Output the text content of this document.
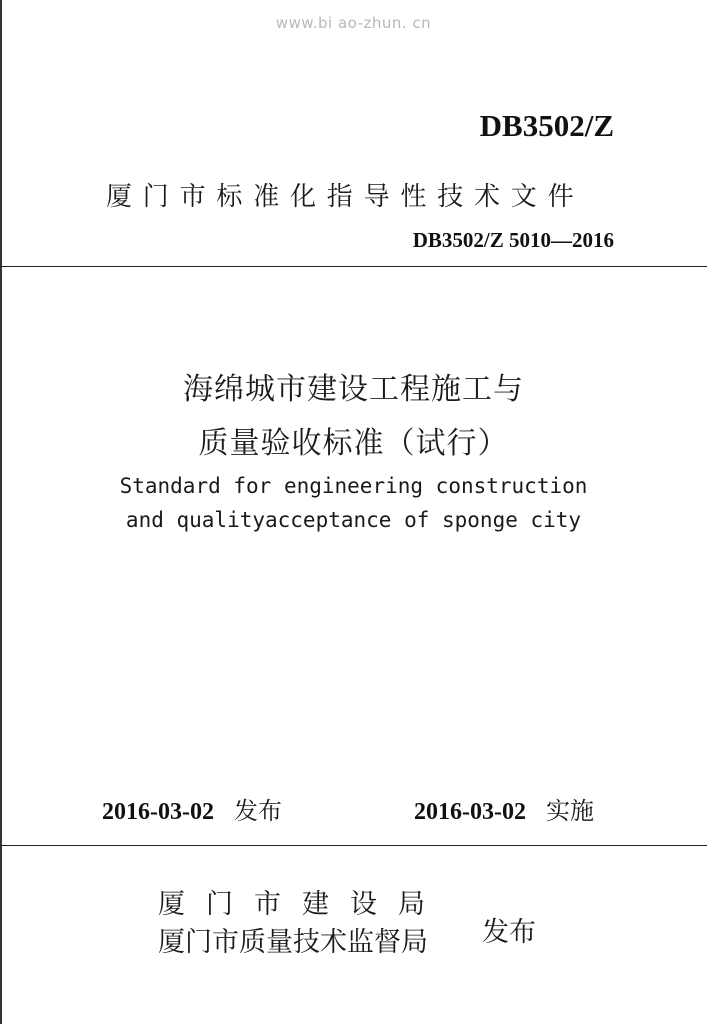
www.bi ao-zhun. cn
DB3502/Z
厦门市标准化指导性技术文件
DB3502/Z 5010—2016
海绵城市建设工程施工与
质量验收标准（试行）
Standard for engineering construction
and qualityacceptance of sponge city
2016-03-02 发布	2016-03-02 实施
厦门市建设局
厦门市质量技术监督局 发布
